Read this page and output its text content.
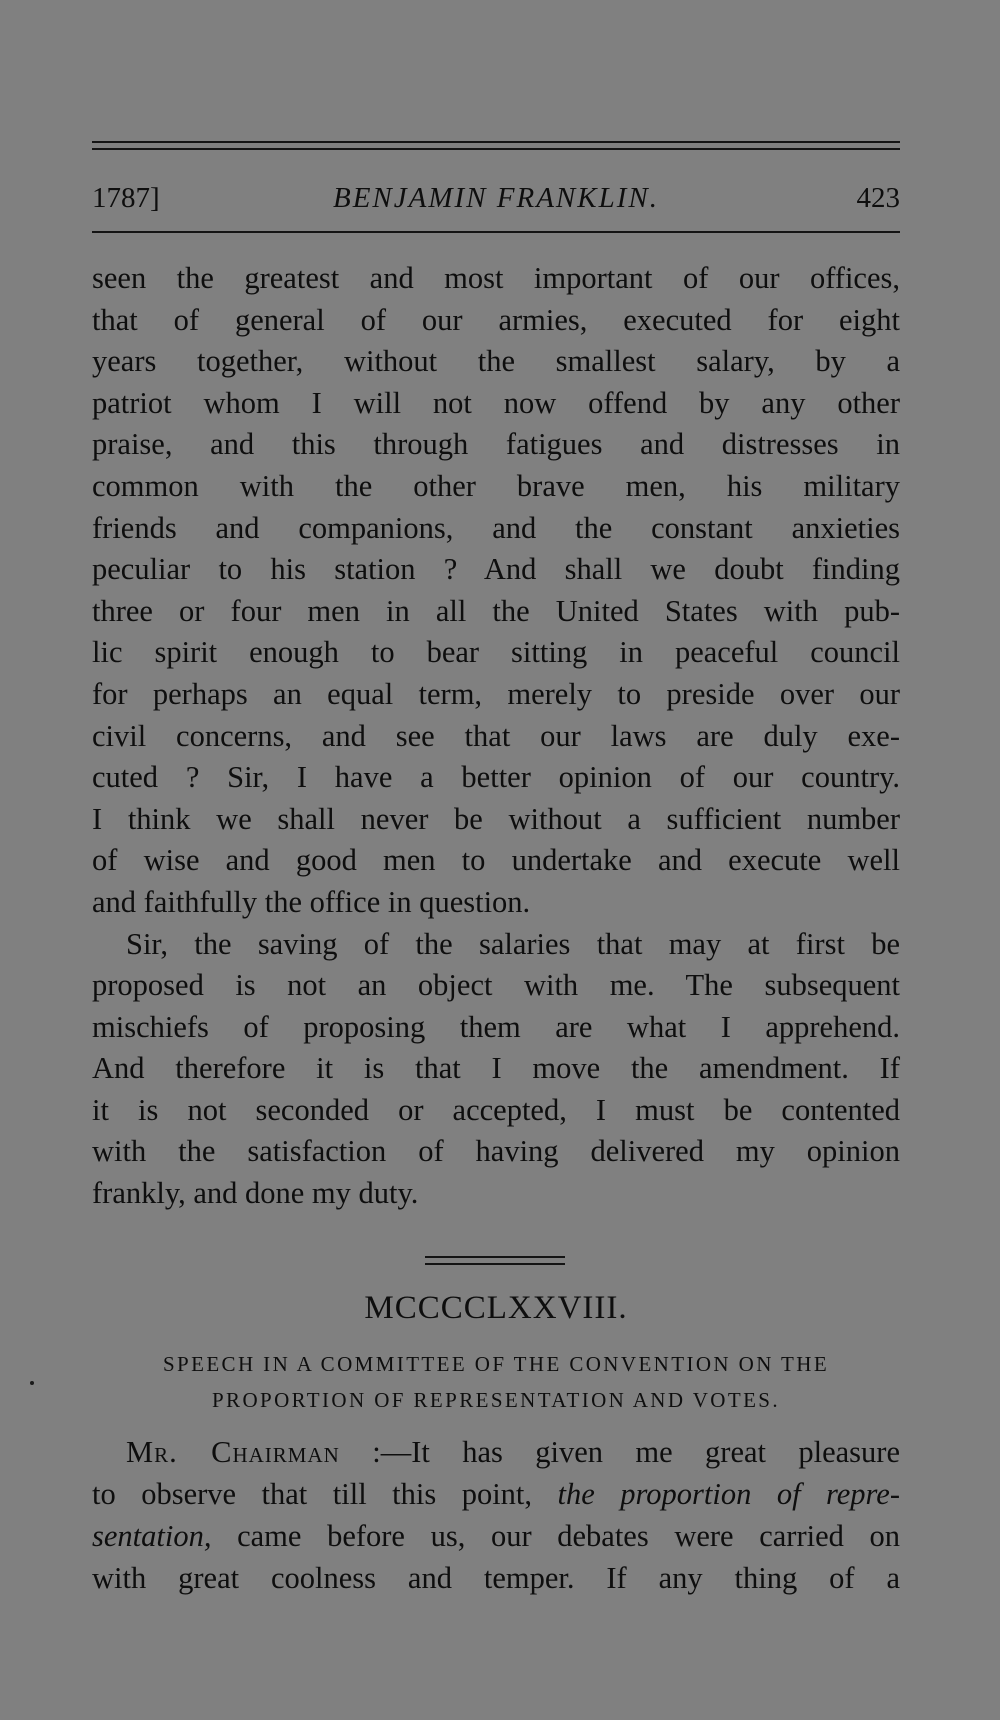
1787]	BENJAMIN FRANKLIN.	423
seen the greatest and most important of our offices,
that of general of our armies, executed for eight
years together, without the smallest salary, by a
patriot whom I will not now offend by any other
praise, and this through fatigues and distresses in
common with the other brave men, his military
friends and companions, and the constant anxieties
peculiar to his station ? And shall we doubt finding
three or four men in all the United States with pub-
lic spirit enough to bear sitting in peaceful council
for perhaps an equal term, merely to preside over our
civil concerns, and see that our laws are duly exe-
cuted ? Sir, I have a better opinion of our country.
I think we shall never be without a sufficient number
of wise and good men to undertake and execute well
and faithfully the office in question.
Sir, the saving of the salaries that may at first be
proposed is not an object with me. The subsequent
mischiefs of proposing them are what I apprehend.
And therefore it is that I move the amendment. If
it is not seconded or accepted, I must be contented
with the satisfaction of having delivered my opinion
frankly, and done my duty.
MCCCCLXXVIII.
SPEECH IN A COMMITTEE OF THE CONVENTION ON THE
PROPORTION OF REPRESENTATION AND VOTES.
Mr. Chairman :—It has given me great pleasure
to observe that till this point, the proportion of repre-
sentation, came before us, our debates were carried on
with great coolness and temper. If any thing of a
